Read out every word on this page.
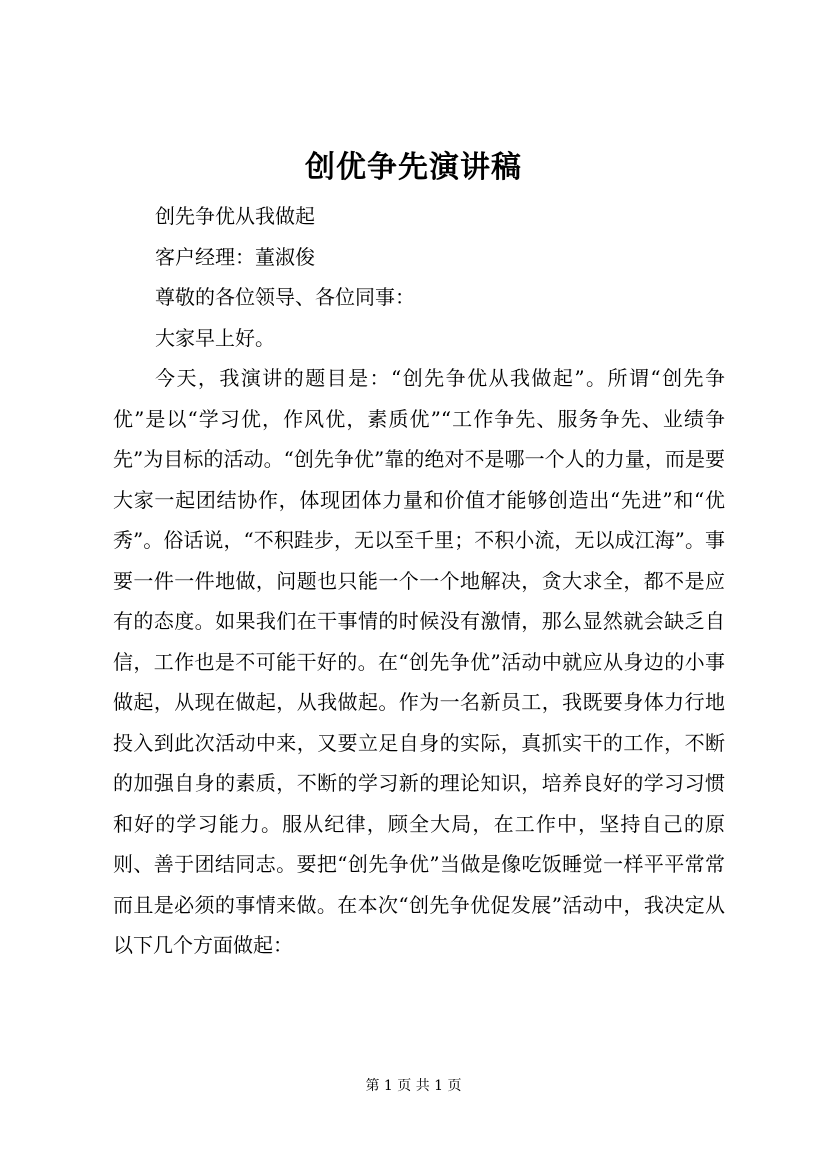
创优争先演讲稿

创先争优从我做起

客户经理：董淑俊

尊敬的各位领导、各位同事：

大家早上好。

今天，我演讲的题目是：“创先争优从我做起”。所谓“创先争优”是以“学习优，作风优，素质优”“工作争先、服务争先、业绩争先”为目标的活动。“创先争优”靠的绝对不是哪一个人的力量，而是要大家一起团结协作，体现团体力量和价值才能够创造出“先进”和“优秀”。俗话说，“不积跬步，无以至千里；不积小流，无以成江海”。事要一件一件地做，问题也只能一个一个地解决，贪大求全，都不是应有的态度。如果我们在干事情的时候没有激情，那么显然就会缺乏自信，工作也是不可能干好的。在“创先争优”活动中就应从身边的小事做起，从现在做起，从我做起。作为一名新员工，我既要身体力行地投入到此次活动中来，又要立足自身的实际，真抓实干的工作，不断的加强自身的素质，不断的学习新的理论知识，培养良好的学习习惯和好的学习能力。服从纪律，顾全大局，在工作中，坚持自己的原则、善于团结同志。要把“创先争优”当做是像吃饭睡觉一样平平常常而且是必须的事情来做。在本次“创先争优促发展”活动中，我决定从以下几个方面做起：

第 1 页 共 1 页
